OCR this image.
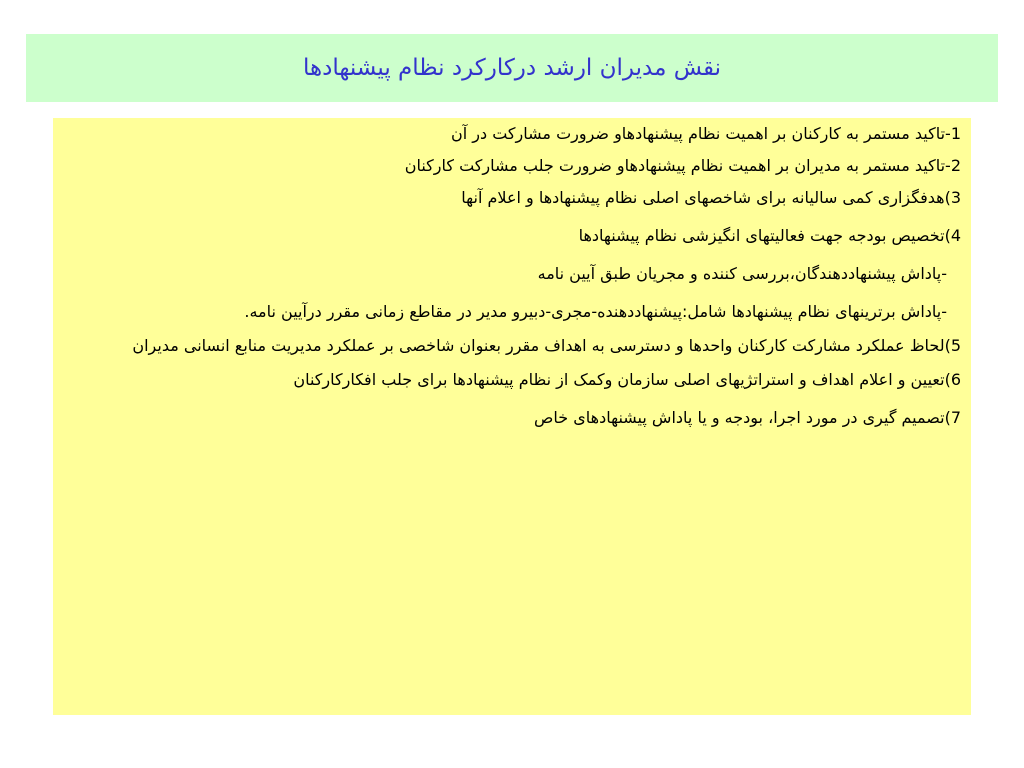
نقش مدیران ارشد درکارکرد نظام پیشنهادها

1-تاکید مستمر به کارکنان بر اهمیت نظام پیشنهادهاو ضرورت مشارکت در آن

2-تاکید مستمر به مدیران بر اهمیت نظام پیشنهادهاو ضرورت جلب مشارکت کارکنان

3)هدفگزاری کمی سالیانه برای شاخصهای اصلی نظام پیشنهادها و اعلام آنها

4)تخصیص بودجه جهت فعالیتهای انگیزشی نظام پیشنهادها

-پاداش پیشنهاددهندگان،بررسی کننده و مجریان طبق آیین نامه

-پاداش برترینهای نظام پیشنهادها شامل:پیشنهاددهنده-مجری-دبیرو مدیر در مقاطع زمانی مقرر درآیین نامه.

5)لحاظ عملکرد مشارکت کارکنان واحدها و دسترسی به اهداف مقرر بعنوان شاخصی بر عملکرد مدیریت منابع انسانی مدیران

6)تعیین و اعلام اهداف و استراتژیهای اصلی سازمان وکمک از نظام پیشنهادها برای جلب افکارکارکنان

7)تصمیم گیری در مورد اجرا، بودجه و یا پاداش پیشنهادهای خاص
